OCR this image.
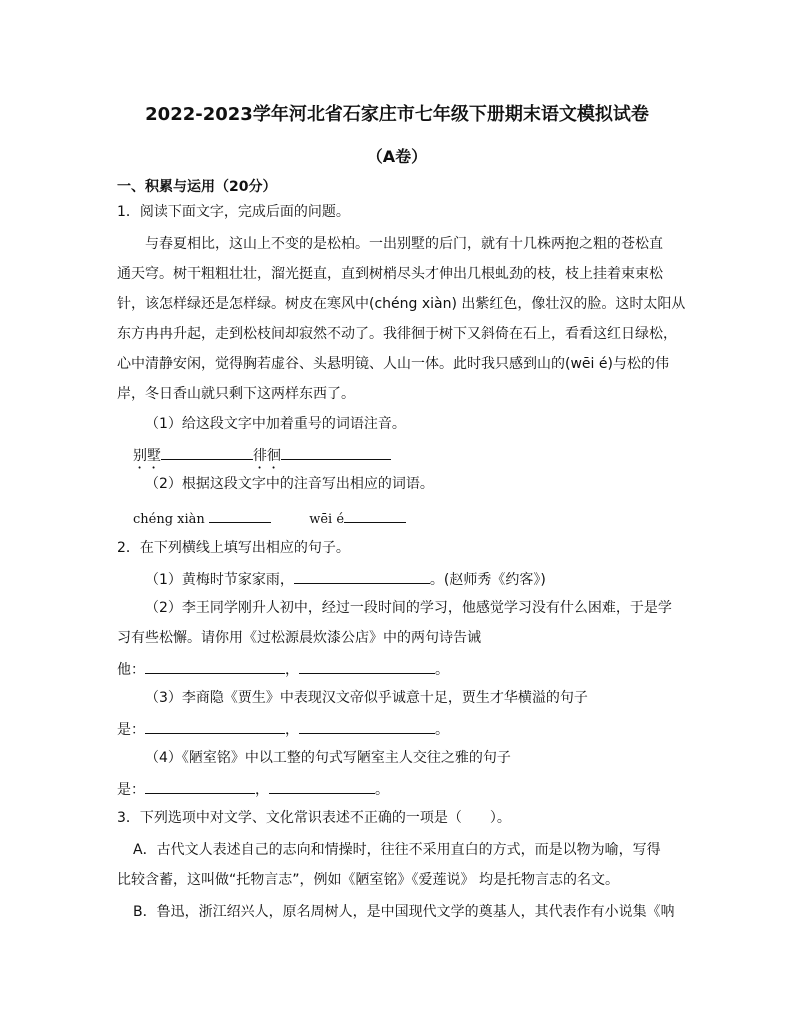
2022-2023学年河北省石家庄市七年级下册期末语文模拟试卷
（A卷）
一、积累与运用（20分）
1．阅读下面文字，完成后面的问题。
与春夏相比，这山上不变的是松柏。一出别墅的后门，就有十几株两抱之粗的苍松直
通天穹。树干粗粗壮壮，溜光挺直，直到树梢尽头才伸出几根虬劲的枝，枝上挂着束束松
针，该怎样绿还是怎样绿。树皮在寒风中(chéng xiàn) 出紫红色，像壮汉的脸。这时太阳从
东方冉冉升起，走到松枝间却寂然不动了。我徘徊于树下又斜倚在石上，看看这红日绿松，
心中清静安闲，觉得胸若虚谷、头悬明镜、人山一体。此时我只感到山的(wēi é)与松的伟
岸，冬日香山就只剩下这两样东西了。
（1）给这段文字中加着重号的词语注音。
别墅	徘徊
（2）根据这段文字中的注音写出相应的词语。
chéng xiàn	wēi é
2．在下列横线上填写出相应的句子。
（1）黄梅时节家家雨，	。(赵师秀《约客》)
（2）李王同学刚升人初中，经过一段时间的学习，他感觉学习没有什么困难，于是学
习有些松懈。请你用《过松源晨炊漆公店》中的两句诗告诫
他：	，	。
（3）李商隐《贾生》中表现汉文帝似乎诚意十足，贾生才华横溢的句子
是：	，	。
（4）《陋室铭》中以工整的句式写陋室主人交往之雅的句子
是：	，	。
3．下列选项中对文学、文化常识表述不正确的一项是（　　）。
A．古代文人表述自己的志向和情操时，往往不采用直白的方式，而是以物为喻，写得
比较含蓄，这叫做“托物言志”，例如《陋室铭》《爱莲说》 均是托物言志的名文。
B．鲁迅，浙江绍兴人，原名周树人，是中国现代文学的奠基人，其代表作有小说集《呐
